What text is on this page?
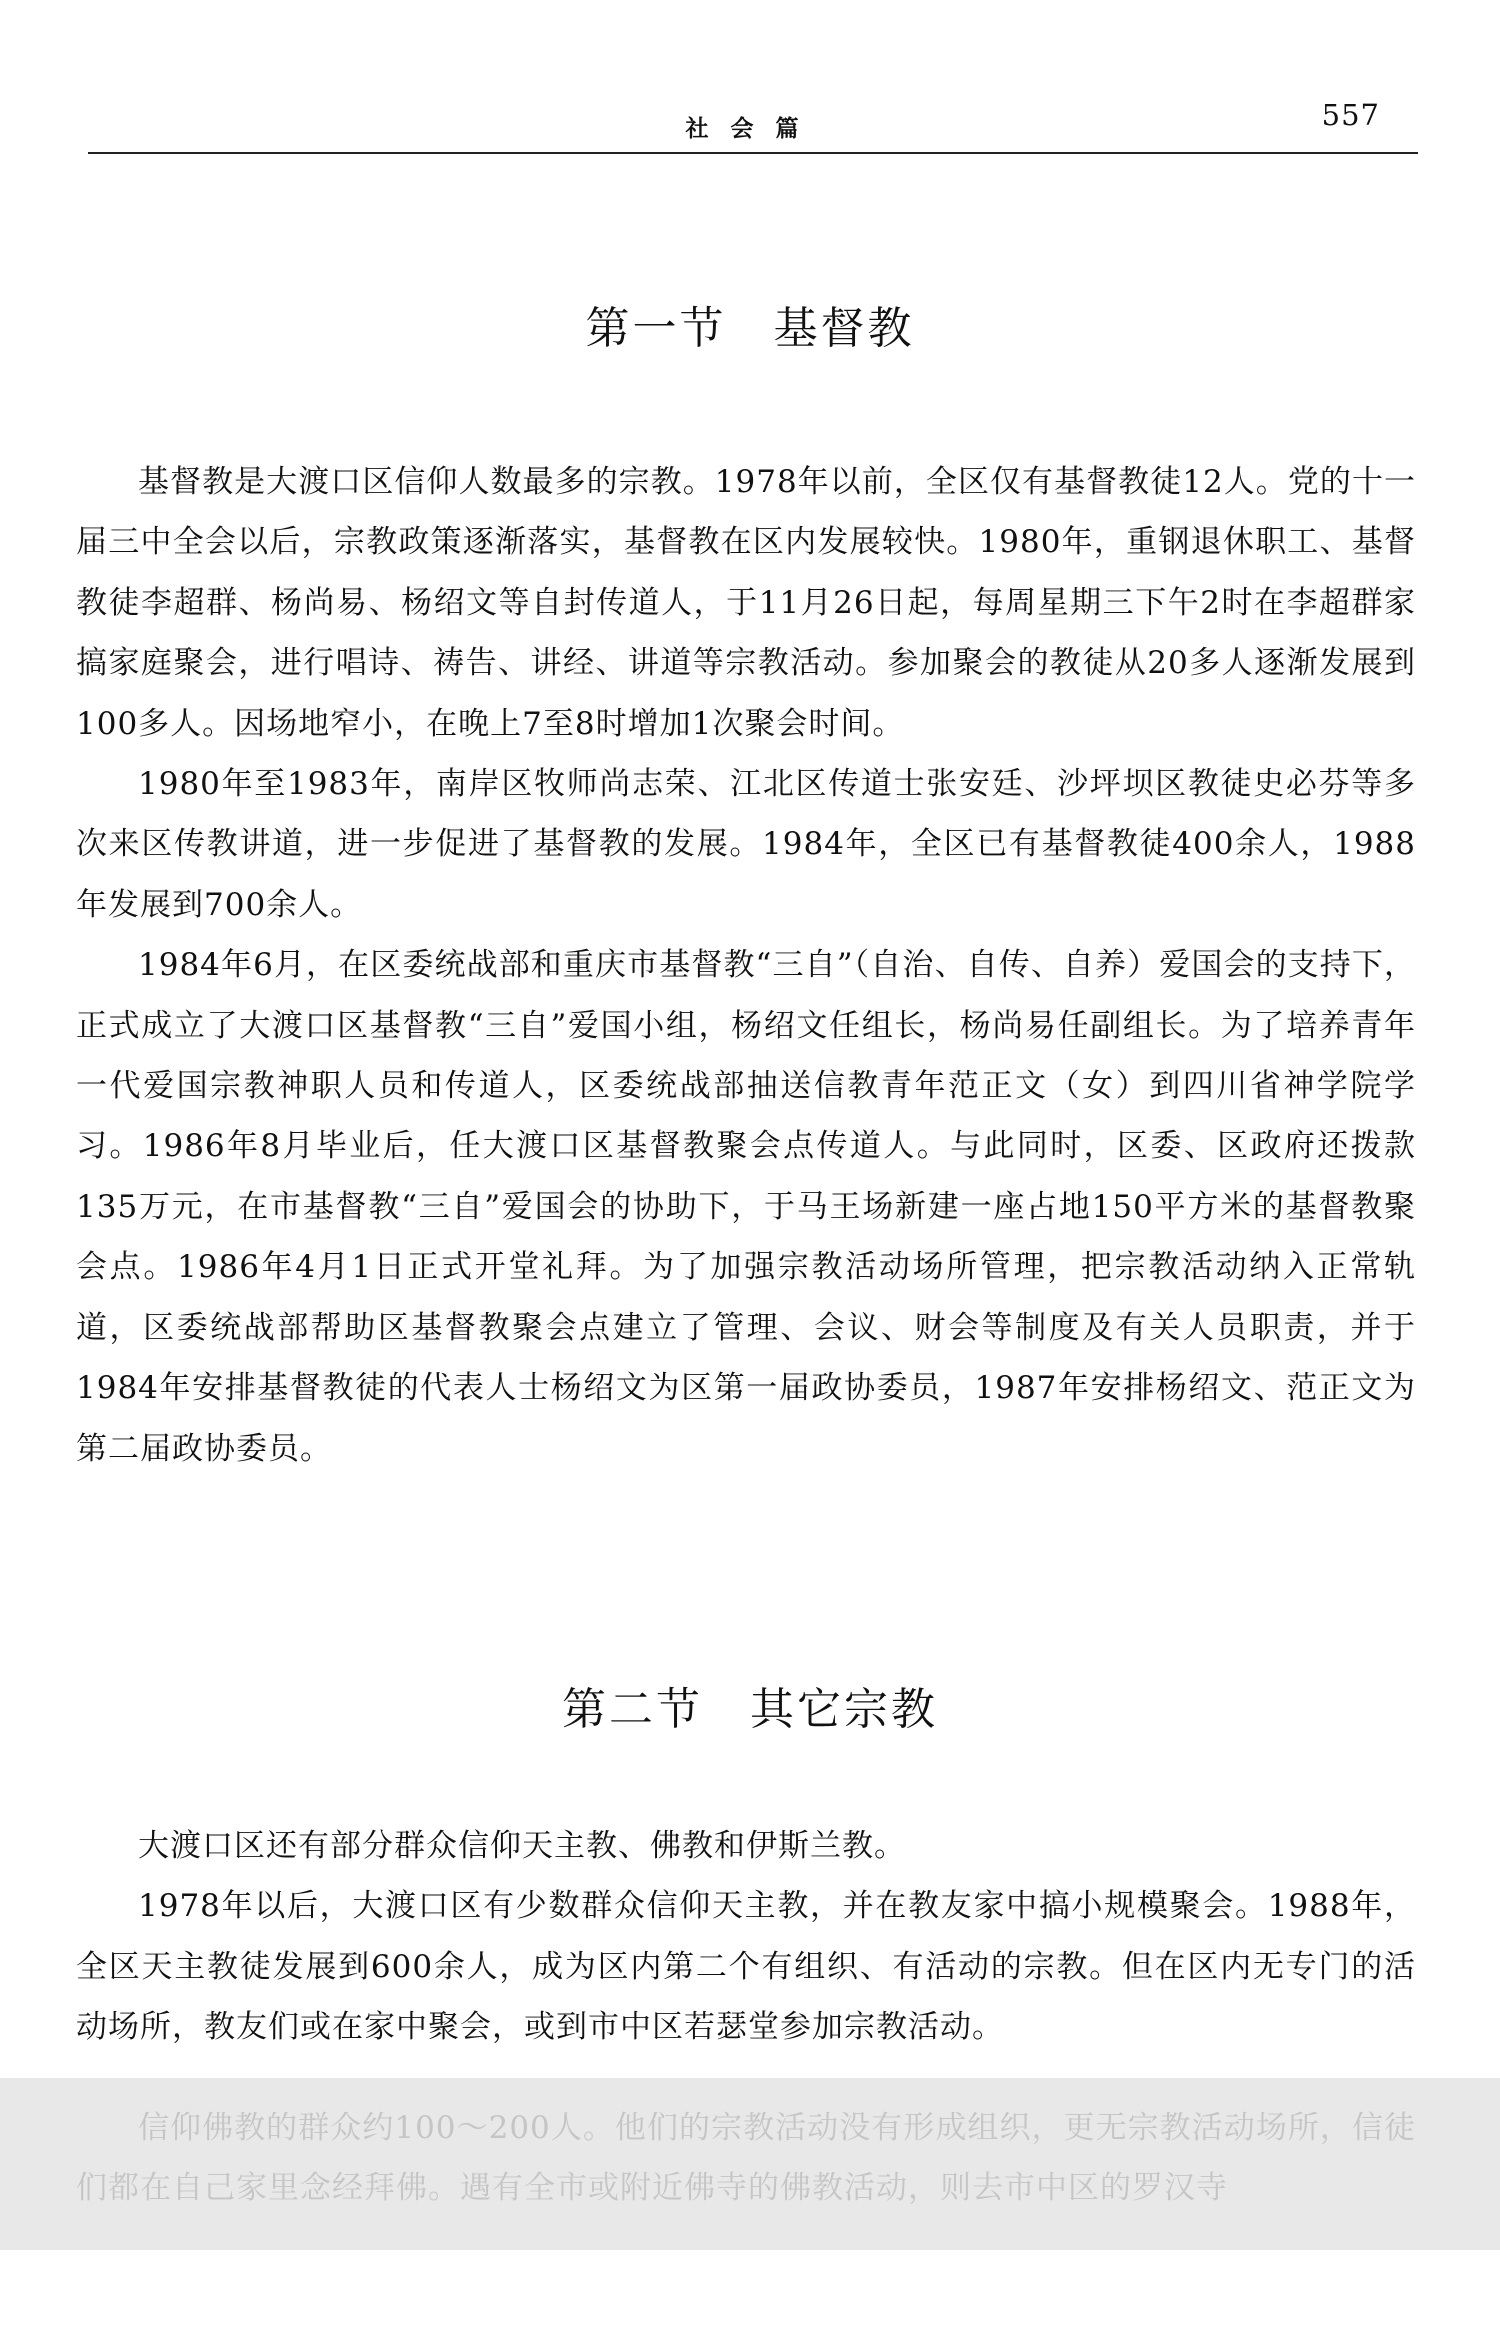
社会篇	557
第一节　基督教

基督教是大渡口区信仰人数最多的宗教。1978年以前，全区仅有基督教徒12人。党的十一届三中全会以后，宗教政策逐渐落实，基督教在区内发展较快。1980年，重钢退休职工、基督教徒李超群、杨尚易、杨绍文等自封传道人，于11月26日起，每周星期三下午2时在李超群家搞家庭聚会，进行唱诗、祷告、讲经、讲道等宗教活动。参加聚会的教徒从20多人逐渐发展到100多人。因场地窄小，在晚上7至8时增加1次聚会时间。

1980年至1983年，南岸区牧师尚志荣、江北区传道士张安廷、沙坪坝区教徒史必芬等多次来区传教讲道，进一步促进了基督教的发展。1984年，全区已有基督教徒400余人，1988年发展到700余人。

1984年6月，在区委统战部和重庆市基督教“三自”（自治、自传、自养）爱国会的支持下，正式成立了大渡口区基督教“三自”爱国小组，杨绍文任组长，杨尚易任副组长。为了培养青年一代爱国宗教神职人员和传道人，区委统战部抽送信教青年范正文（女）到四川省神学院学习。1986年8月毕业后，任大渡口区基督教聚会点传道人。与此同时，区委、区政府还拨款135万元，在市基督教“三自”爱国会的协助下，于马王场新建一座占地150平方米的基督教聚会点。1986年4月1日正式开堂礼拜。为了加强宗教活动场所管理，把宗教活动纳入正常轨道，区委统战部帮助区基督教聚会点建立了管理、会议、财会等制度及有关人员职责，并于1984年安排基督教徒的代表人士杨绍文为区第一届政协委员，1987年安排杨绍文、范正文为第二届政协委员。

第二节　其它宗教

大渡口区还有部分群众信仰天主教、佛教和伊斯兰教。

1978年以后，大渡口区有少数群众信仰天主教，并在教友家中搞小规模聚会。1988年，全区天主教徒发展到600余人，成为区内第二个有组织、有活动的宗教。但在区内无专门的活动场所，教友们或在家中聚会，或到市中区若瑟堂参加宗教活动。

信仰佛教的群众约100～200人。他们的宗教活动没有形成组织，更无宗教活动场所，信徒们都在自己家里念经拜佛。遇有全市或附近佛寺的佛教活动，则去市中区的罗汉寺
